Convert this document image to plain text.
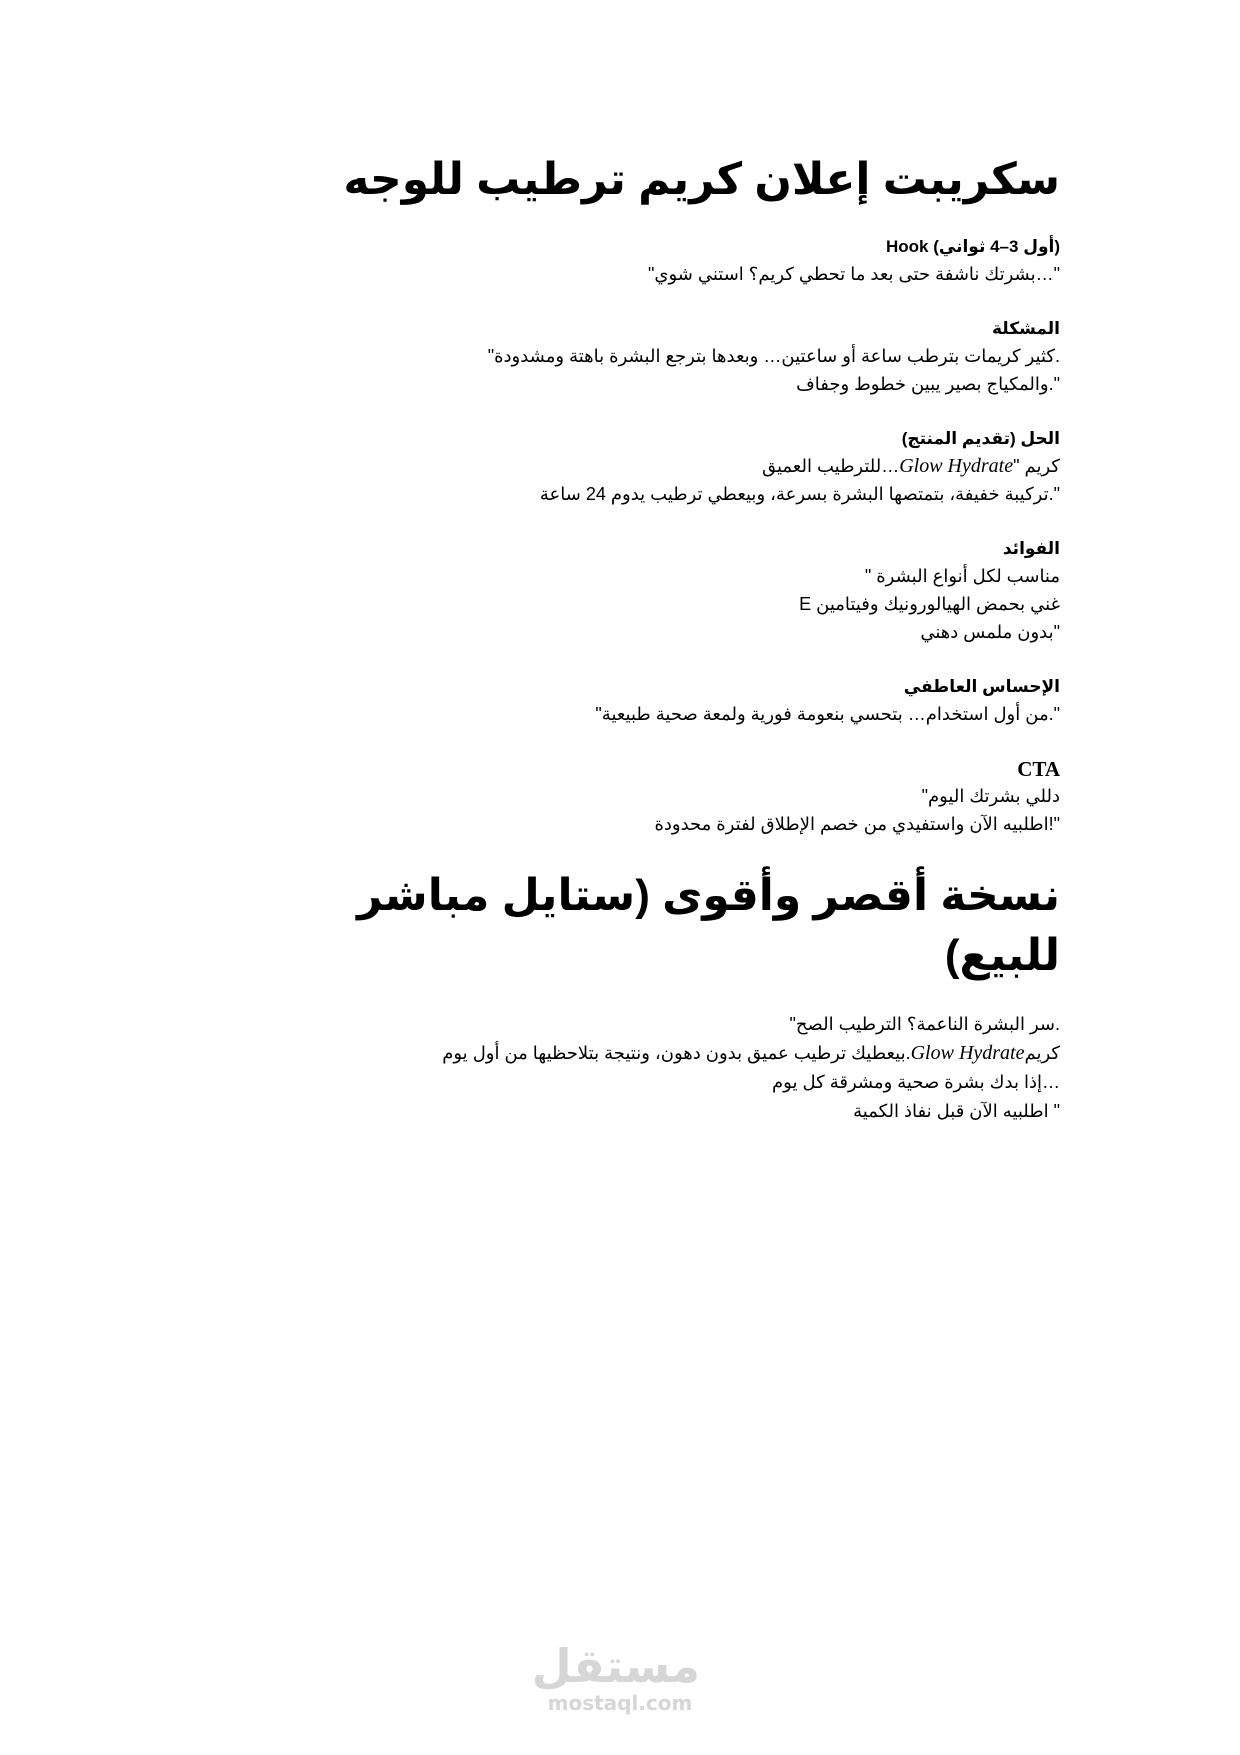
سكريبت إعلان كريم ترطيب للوجه
(أول 3–4 ثواني) Hook
"…بشرتك ناشفة حتى بعد ما تحطي كريم؟ استني شوي"
المشكلة
.كثير كريمات بترطب ساعة أو ساعتين… وبعدها بترجع البشرة باهتة ومشدودة"
".والمكياج بصير يبين خطوط وجفاف
الحل (تقديم المنتج)
كريم "Glow Hydrate…للترطيب العميق
".تركيبة خفيفة، بتمتصها البشرة بسرعة، وبيعطي ترطيب يدوم 24 ساعة
الفوائد
مناسب لكل أنواع البشرة "
غني بحمض الهيالورونيك وفيتامين E
"بدون ملمس دهني
الإحساس العاطفي
".من أول استخدام… بتحسي بنعومة فورية ولمعة صحية طبيعية"
CTA
دللي بشرتك اليوم"
"!اطلبيه الآن واستفيدي من خصم الإطلاق لفترة محدودة
نسخة أقصر وأقوى (ستايل مباشر للبيع)
.سر البشرة الناعمة؟ الترطيب الصح"
كريمGlow Hydrate.بيعطيك ترطيب عميق بدون دهون، ونتيجة بتلاحظيها من أول يوم
…إذا بدك بشرة صحية ومشرقة كل يوم
" اطلبيه الآن قبل نفاذ الكمية
مستقل
mostaql.com
